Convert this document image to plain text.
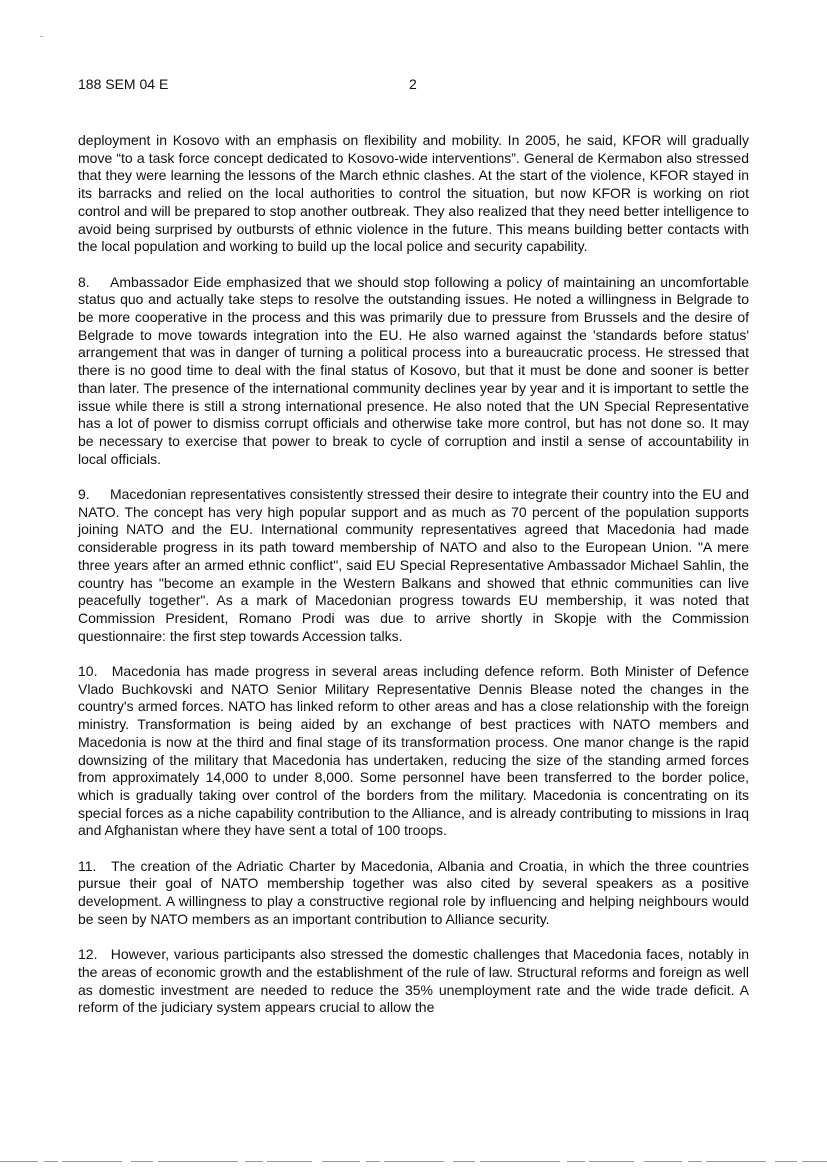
188 SEM 04 E	2

deployment in Kosovo with an emphasis on flexibility and mobility. In 2005, he said, KFOR will gradually move “to a task force concept dedicated to Kosovo-wide interventions”. General de Kermabon also stressed that they were learning the lessons of the March ethnic clashes. At the start of the violence, KFOR stayed in its barracks and relied on the local authorities to control the situation, but now KFOR is working on riot control and will be prepared to stop another outbreak. They also realized that they need better intelligence to avoid being surprised by outbursts of ethnic violence in the future. This means building better contacts with the local population and working to build up the local police and security capability.

8. Ambassador Eide emphasized that we should stop following a policy of maintaining an uncomfortable status quo and actually take steps to resolve the outstanding issues. He noted a willingness in Belgrade to be more cooperative in the process and this was primarily due to pressure from Brussels and the desire of Belgrade to move towards integration into the EU. He also warned against the 'standards before status' arrangement that was in danger of turning a political process into a bureaucratic process. He stressed that there is no good time to deal with the final status of Kosovo, but that it must be done and sooner is better than later. The presence of the international community declines year by year and it is important to settle the issue while there is still a strong international presence. He also noted that the UN Special Representative has a lot of power to dismiss corrupt officials and otherwise take more control, but has not done so. It may be necessary to exercise that power to break to cycle of corruption and instil a sense of accountability in local officials.

9. Macedonian representatives consistently stressed their desire to integrate their country into the EU and NATO. The concept has very high popular support and as much as 70 percent of the population supports joining NATO and the EU. International community representatives agreed that Macedonia had made considerable progress in its path toward membership of NATO and also to the European Union. "A mere three years after an armed ethnic conflict", said EU Special Representative Ambassador Michael Sahlin, the country has "become an example in the Western Balkans and showed that ethnic communities can live peacefully together". As a mark of Macedonian progress towards EU membership, it was noted that Commission President, Romano Prodi was due to arrive shortly in Skopje with the Commission questionnaire: the first step towards Accession talks.

10. Macedonia has made progress in several areas including defence reform. Both Minister of Defence Vlado Buchkovski and NATO Senior Military Representative Dennis Blease noted the changes in the country's armed forces. NATO has linked reform to other areas and has a close relationship with the foreign ministry. Transformation is being aided by an exchange of best practices with NATO members and Macedonia is now at the third and final stage of its transformation process. One manor change is the rapid downsizing of the military that Macedonia has undertaken, reducing the size of the standing armed forces from approximately 14,000 to under 8,000. Some personnel have been transferred to the border police, which is gradually taking over control of the borders from the military. Macedonia is concentrating on its special forces as a niche capability contribution to the Alliance, and is already contributing to missions in Iraq and Afghanistan where they have sent a total of 100 troops.

11. The creation of the Adriatic Charter by Macedonia, Albania and Croatia, in which the three countries pursue their goal of NATO membership together was also cited by several speakers as a positive development. A willingness to play a constructive regional role by influencing and helping neighbours would be seen by NATO members as an important contribution to Alliance security.

12. However, various participants also stressed the domestic challenges that Macedonia faces, notably in the areas of economic growth and the establishment of the rule of law. Structural reforms and foreign as well as domestic investment are needed to reduce the 35% unemployment rate and the wide trade deficit. A reform of the judiciary system appears crucial to allow the
